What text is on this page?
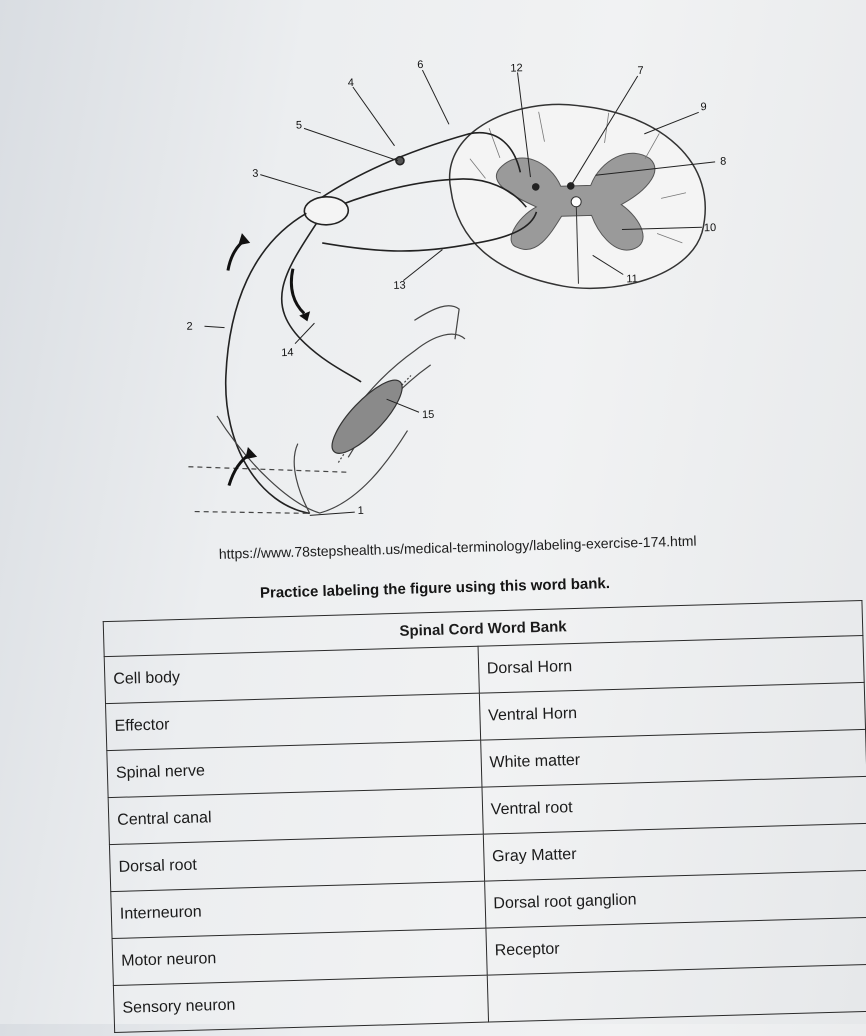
1
2
3
4
5
6	7
8
9
10
11
12
13
14
15
https://www.78stepshealth.us/medical-terminology/labeling-exercise-174.html
Practice labeling the figure using this word bank.
Spinal Cord Word Bank	
Cell body	Dorsal Horn
Effector	Ventral Horn
Spinal nerve	White matter
Central canal	Ventral root
Dorsal root	Gray Matter
Interneuron	Dorsal root ganglion
Motor neuron	Receptor
Sensory neuron	
